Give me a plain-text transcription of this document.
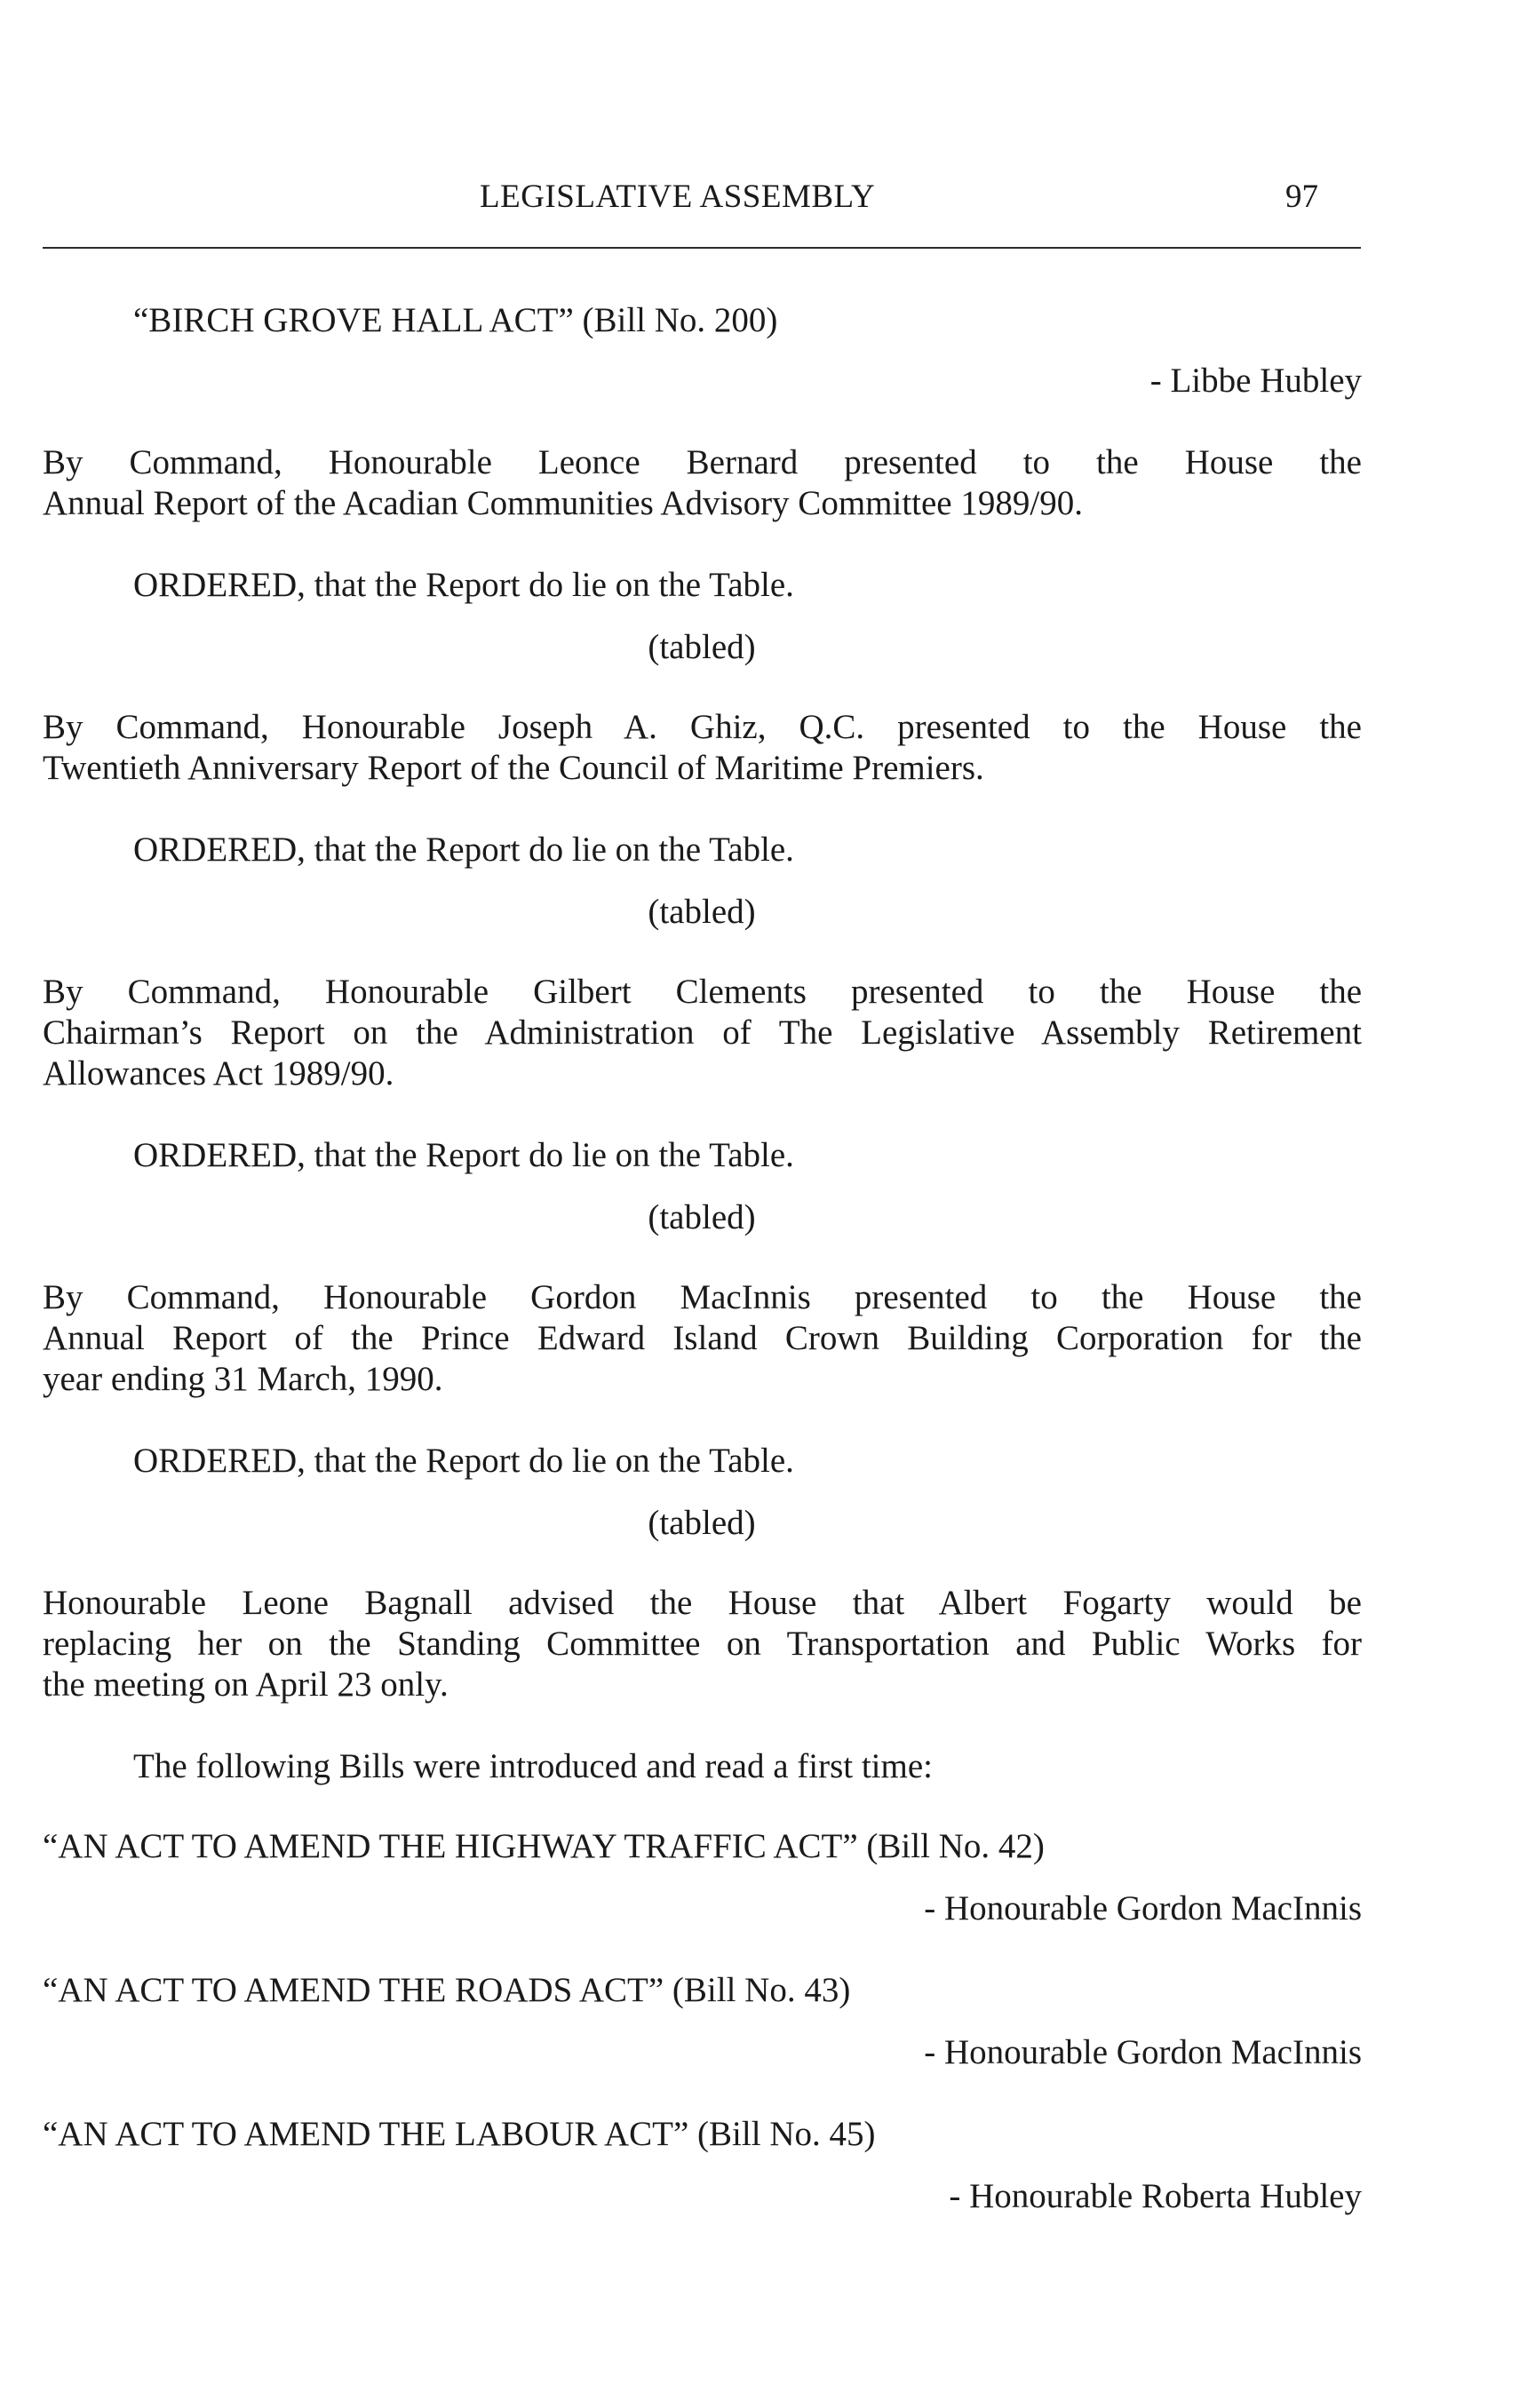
LEGISLATIVE ASSEMBLY	97
“BIRCH GROVE HALL ACT” (Bill No. 200)
- Libbe Hubley
By Command, Honourable Leonce Bernard presented to the House the
Annual Report of the Acadian Communities Advisory Committee 1989/90.
ORDERED, that the Report do lie on the Table.
(tabled)
By Command, Honourable Joseph A. Ghiz, Q.C. presented to the House the
Twentieth Anniversary Report of the Council of Maritime Premiers.
ORDERED, that the Report do lie on the Table.
(tabled)
By Command, Honourable Gilbert Clements presented to the House the
Chairman’s Report on the Administration of The Legislative Assembly Retirement
Allowances Act 1989/90.
ORDERED, that the Report do lie on the Table.
(tabled)
By Command, Honourable Gordon MacInnis presented to the House the
Annual Report of the Prince Edward Island Crown Building Corporation for the
year ending 31 March, 1990.
ORDERED, that the Report do lie on the Table.
(tabled)
Honourable Leone Bagnall advised the House that Albert Fogarty would be
replacing her on the Standing Committee on Transportation and Public Works for
the meeting on April 23 only.
The following Bills were introduced and read a first time:
“AN ACT TO AMEND THE HIGHWAY TRAFFIC ACT” (Bill No. 42)
- Honourable Gordon MacInnis
“AN ACT TO AMEND THE ROADS ACT” (Bill No. 43)
- Honourable Gordon MacInnis
“AN ACT TO AMEND THE LABOUR ACT” (Bill No. 45)
- Honourable Roberta Hubley
